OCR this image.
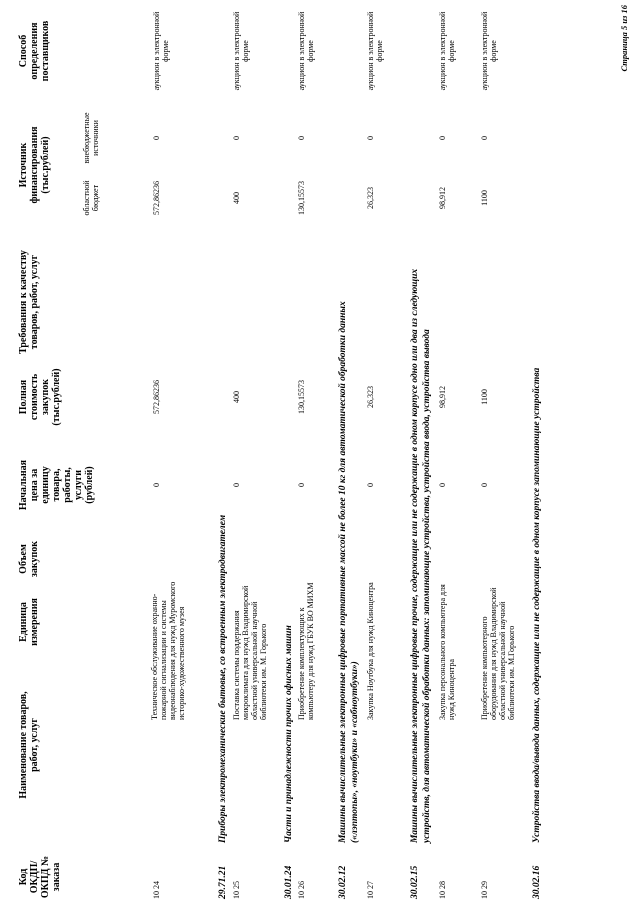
Код ОКДП/ ОКПД № заказа
Наименование товаров, работ, услуг
Единица измерения
Объем закупок
Начальная цена за единицу товара, работы, услуги (рублей)
Полная стоимость закупок (тыс.рублей)
Требования к качеству товаров, работ, услуг
Источник финансирования (тыс.рублей)
областной бюджет
внебюджетные источники
Способ определения поставщиков
10 24
Техническое обслуживание охранно-пожарной сигнализации и системы видеонаблюдения для нужд Муромского историко-художественного музея
0
572,86236
572,86236
0
аукцион в электронной форме
29.71.21
Приборы электромеханические бытовые, со встроенным электродвигателем
10 25
Поставка системы поддержания микроклимата для нужд Владимирской областной универсальной научной библиотеки им. М. Горького
0
400
400
0
аукцион в электронной форме
30.01.24
Части и принадлежности прочих офисных машин
10 26
Приобретение комплектующих к компьютеру для нужд ГБУК ВО МИХМ
0
130,15573
130,15573
0
аукцион в электронной форме
30.02.12
Машины вычислительные электронные цифровые портативные массой не более 10 кг для автоматической обработки данных («лэптопы», «ноутбуки» и «сабноутбуки»)
10 27
Закупка Ноутбука для нужд Киноцентра
0
26,323
26,323
0
аукцион в электронной форме
30.02.15
Машины вычислительные электронные цифровые прочие, содержащие или не содержащие в одном корпусе одно или два из следующих устройств, для автоматической обработки данных: запоминающие устройства, устройства ввода, устройства вывода
10 28
Закупка персонального компьютера для нужд Киноцентра
0
98,912
98,912
0
аукцион в электронной форме
10 29
Приобретение компьютерного оборудования для нужд Владимирской областной универсальной научной библиотеки им. М.Горького
0
1100
1100
0
аукцион в электронной форме
30.02.16
Устройства ввода/вывода данных, содержащие или не содержащие в одном корпусе запоминающие устройства
Страница 5 из 16
